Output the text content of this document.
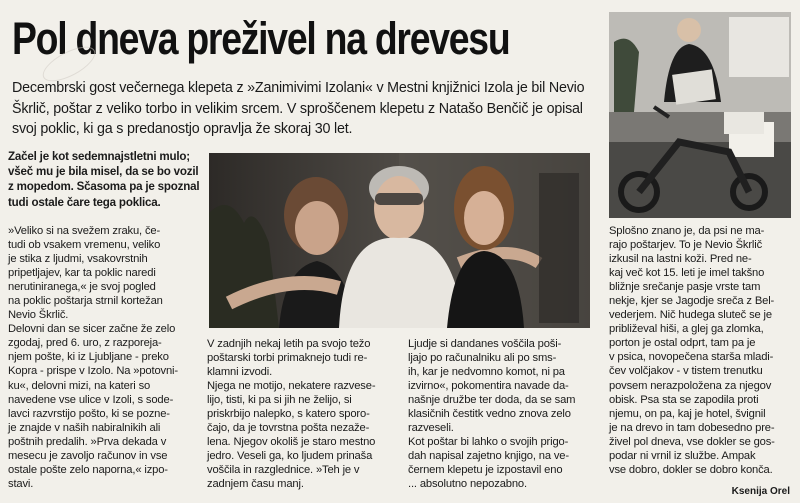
Pol dneva preživel na drevesu
Decembrski gost večernega klepeta z »Zanimivimi Izolani« v Mestni knjižnici Izola je bil Nevio
Škrlič, poštar z veliko torbo in velikim srcem. V sproščenem klepetu z Natašo Benčič je opisal
svoj poklic, ki ga s predanostjo opravlja že skoraj 30 let.
Začel je kot sedemnajstletni mulo;
všeč mu je bila misel, da se bo vozil
z mopedom. Sčasoma pa je spoznal
tudi ostale čare tega poklica.

»Veliko si na svežem zraku, če-

tudi ob vsakem vremenu, veliko

je stika z ljudmi, vsakovrstnih

pripetljajev, kar ta poklic naredi

nerutiniranega,« je svoj pogled

na poklic poštarja strnil kortežan

Nevio Škrlič.

Delovni dan se sicer začne že zelo

zgodaj, pred 6. uro, z razporeja-

njem pošte, ki iz Ljubljane - preko

Kopra - prispe v Izolo. Na »potovni-

ku«, delovni mizi, na kateri so

navedene vse ulice v Izoli, s sode-

lavci razvrstijo pošto, ki se pozne-

je znajde v naših nabiralnikih ali

poštnih predalih. »Prva dekada v

mesecu je zavoljo računov in vse

ostale pošte zelo naporna,« izpo-

stavi.

V zadnjih nekaj letih pa svojo težo

poštarski torbi primaknejo tudi re-

klamni izvodi.

Njega ne motijo, nekatere razvese-

lijo, tisti, ki pa si jih ne želijo, si

priskrbijo nalepko, s katero sporo-

čajo, da je tovrstna pošta nezaže-

lena. Njegov okoliš je staro mestno

jedro. Veseli ga, ko ljudem prinaša

voščila in razglednice. »Teh je v

zadnjem času manj.

Ljudje si dandanes voščila poši-

ljajo po računalniku ali po sms-

ih, kar je nedvomno komot, ni pa

izvirno«, pokomentira navade da-

našnje družbe ter doda, da se sam

klasičnih čestitk vedno znova zelo

razveseli.

Kot poštar bi lahko o svojih prigo-

dah napisal zajetno knjigo, na ve-

černem klepetu je izpostavil eno

... absolutno nepozabno.

Splošno znano je, da psi ne ma-

rajo poštarjev. To je Nevio Škrlič

izkusil na lastni koži. Pred ne-

kaj več kot 15. leti je imel takšno

bližnje srečanje pasje vrste tam

nekje, kjer se Jagodje sreča z Bel-

vederjem. Nič hudega sluteč se je

približeval hiši, a glej ga zlomka,

porton je ostal odprt, tam pa je

v psica, novopečena starša mladi-

čev volčjakov - v tistem trenutku

povsem nerazpoložena za njegov

obisk. Psa sta se zapodila proti

njemu, on pa, kaj je hotel, švignil

je na drevo in tam dobesedno pre-

živel pol dneva, vse dokler se gos-

podar ni vrnil iz službe. Ampak

vse dobro, dokler se dobro konča.

Ksenija Orel
